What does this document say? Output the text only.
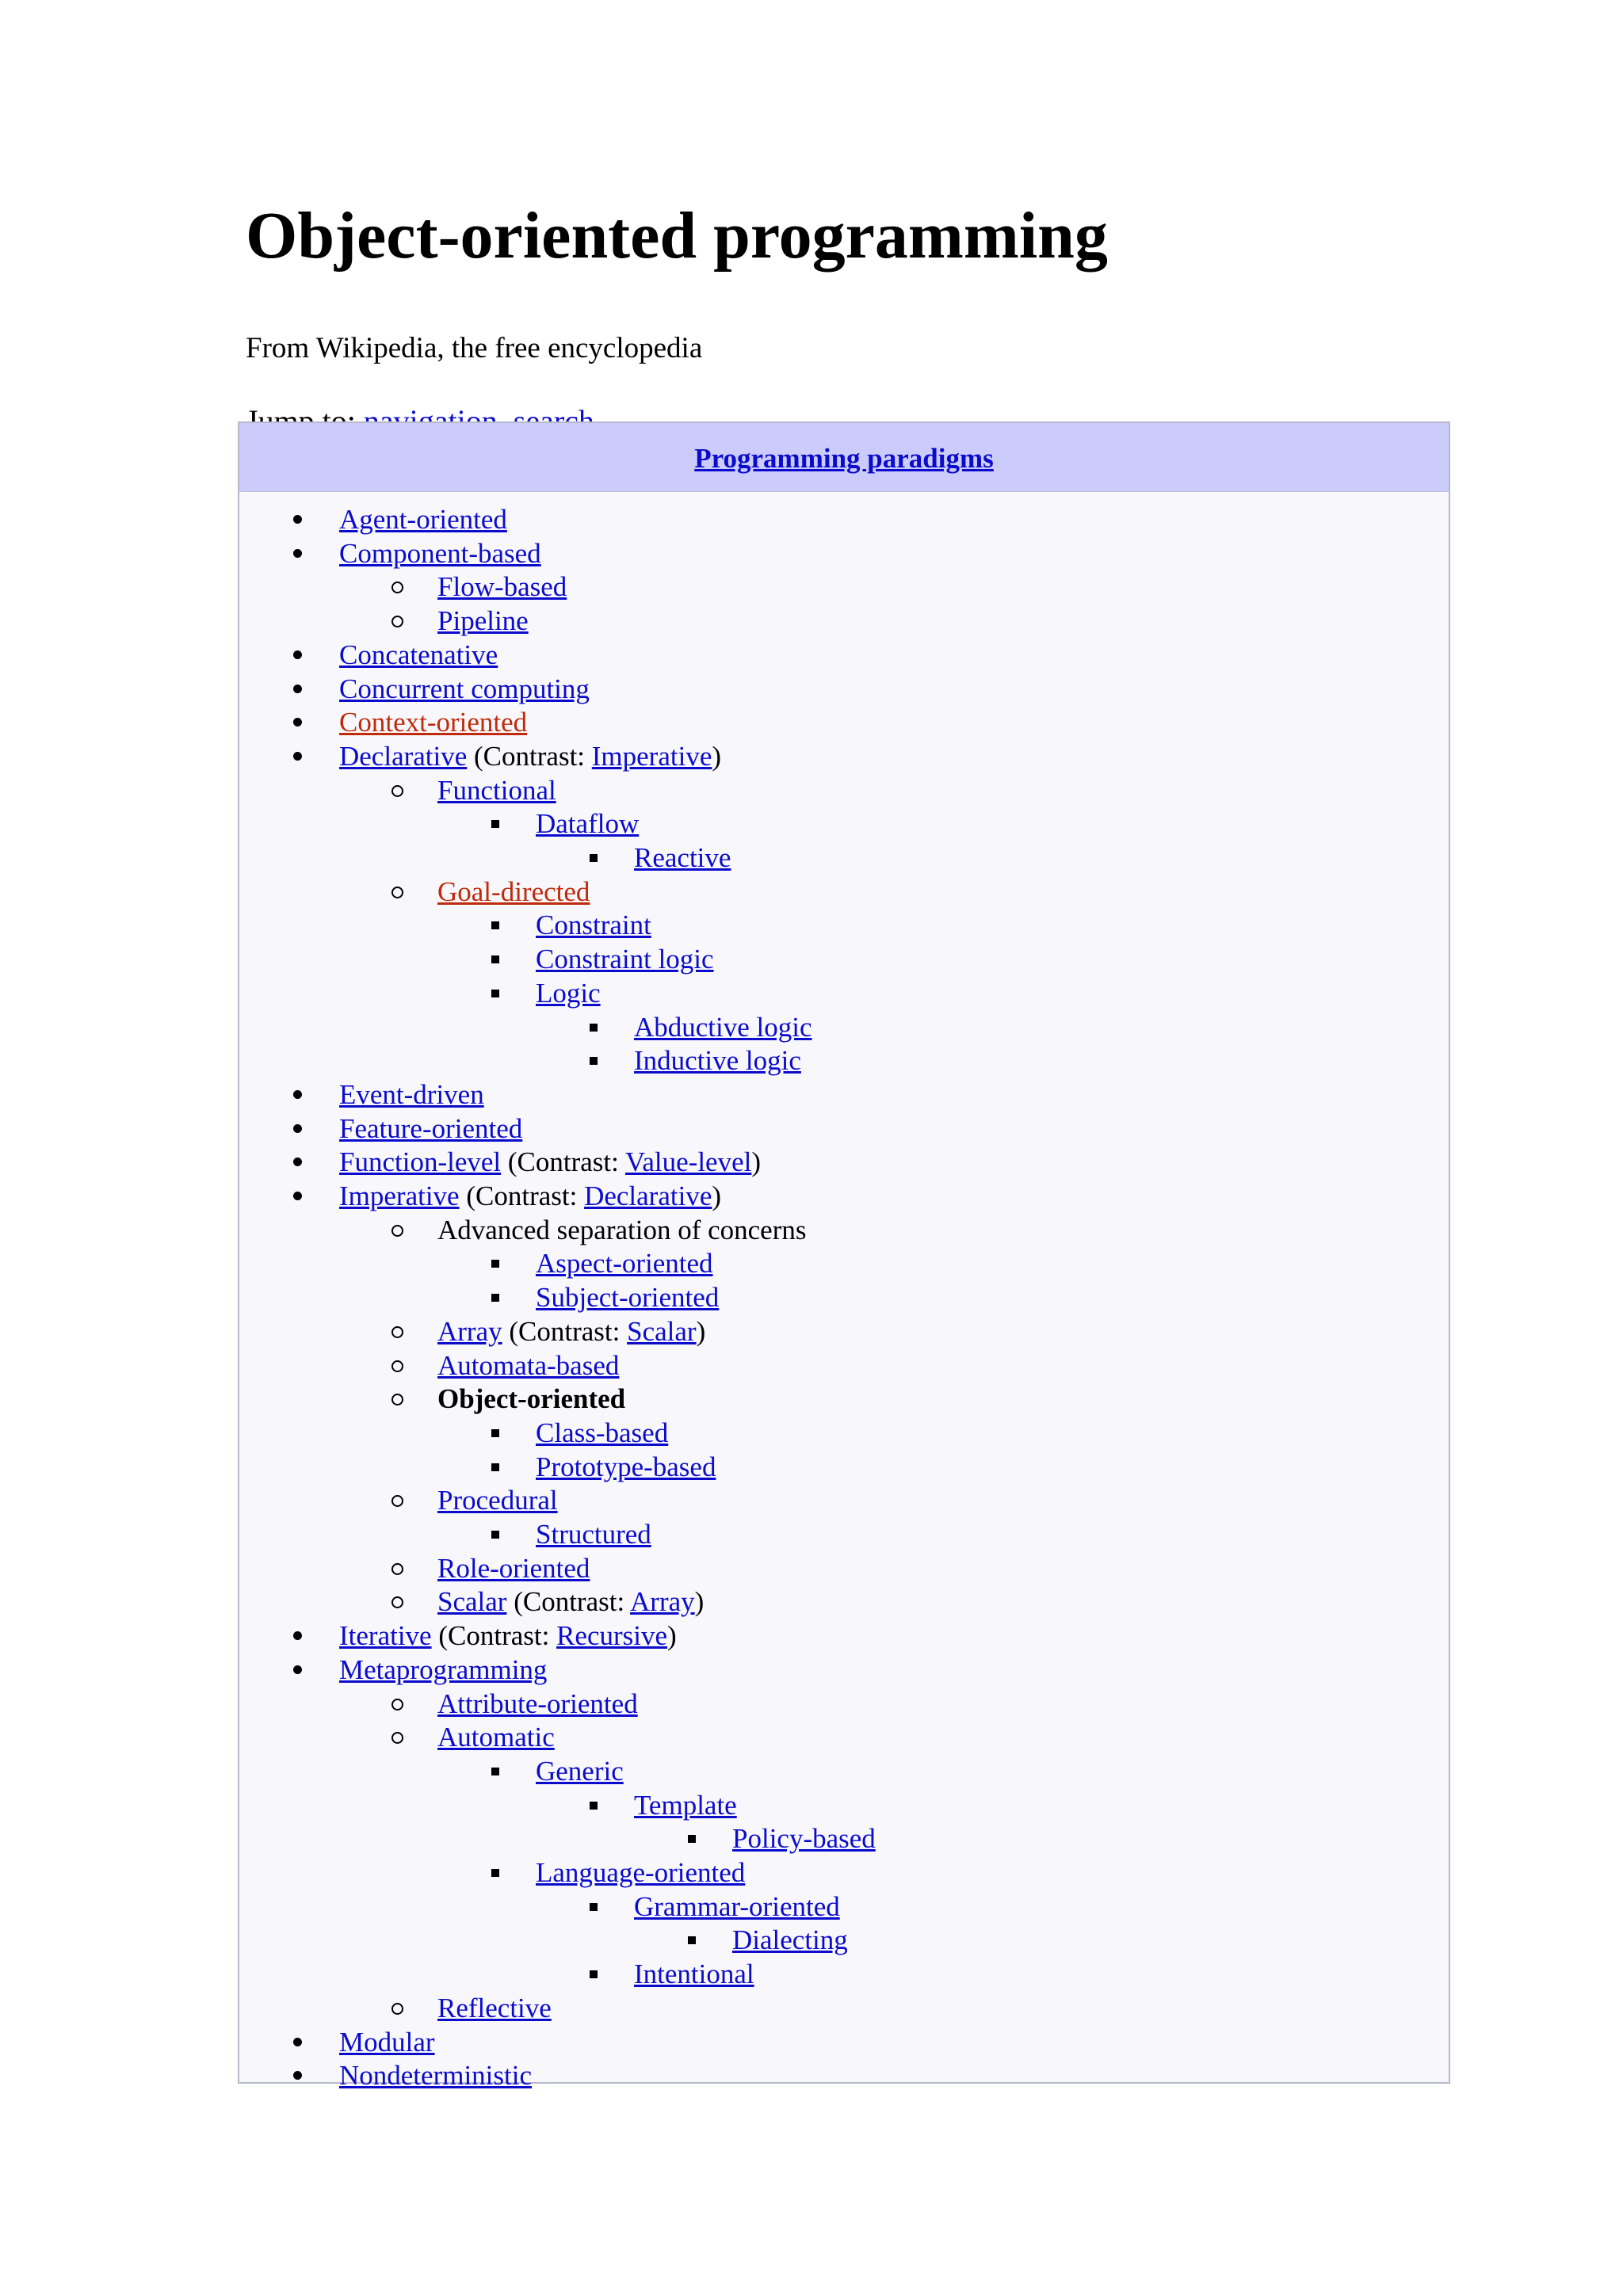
Object-oriented programming

From Wikipedia, the free encyclopedia

Programming paradigms
Agent-oriented
Component-based
Flow-based
Pipeline
Concatenative
Concurrent computing
Context-oriented
Declarative (Contrast: Imperative)
Functional
Dataflow
Reactive
Goal-directed
Constraint
Constraint logic
Logic
Abductive logic
Inductive logic
Event-driven
Feature-oriented
Function-level (Contrast: Value-level)
Imperative (Contrast: Declarative)
Advanced separation of concerns
Aspect-oriented
Subject-oriented
Array (Contrast: Scalar)
Automata-based
Object-oriented
Class-based
Prototype-based
Procedural
Structured
Role-oriented
Scalar (Contrast: Array)
Iterative (Contrast: Recursive)
Metaprogramming
Attribute-oriented
Automatic
Generic
Template
Policy-based
Language-oriented
Grammar-oriented
Dialecting
Intentional
Reflective
Modular
Nondeterministic
